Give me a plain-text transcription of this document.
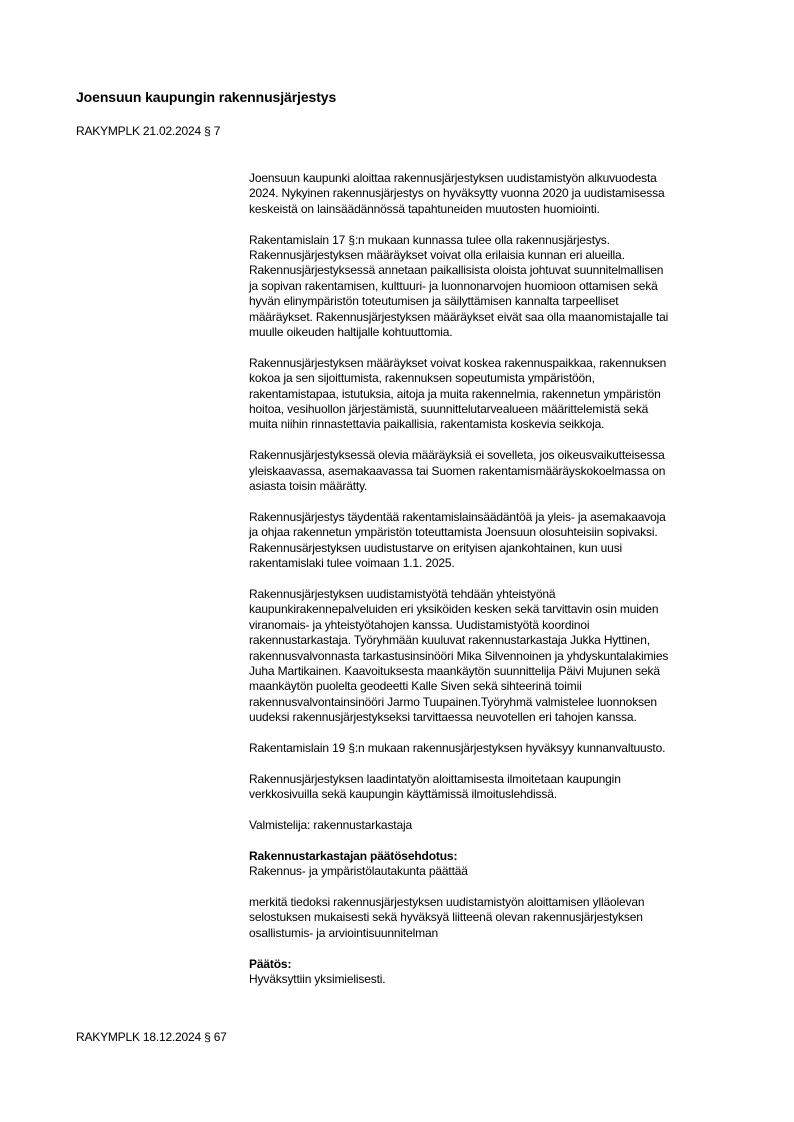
Joensuun kaupungin rakennusjärjestys
RAKYMPLK 21.02.2024 § 7
Joensuun kaupunki aloittaa rakennusjärjestyksen uudistamistyön alkuvuodesta
2024. Nykyinen rakennusjärjestys on hyväksytty vuonna 2020 ja uudistamisessa
keskeistä on lainsäädännössä tapahtuneiden muutosten huomiointi.
Rakentamislain 17 §:n mukaan kunnassa tulee olla rakennusjärjestys.
Rakennusjärjestyksen määräykset voivat olla erilaisia kunnan eri alueilla.
Rakennusjärjestyksessä annetaan paikallisista oloista johtuvat suunnitelmallisen
ja sopivan rakentamisen, kulttuuri- ja luonnonarvojen huomioon ottamisen sekä
hyvän elinympäristön toteutumisen ja säilyttämisen kannalta tarpeelliset
määräykset. Rakennusjärjestyksen määräykset eivät saa olla maanomistajalle tai
muulle oikeuden haltijalle kohtuuttomia.
Rakennusjärjestyksen määräykset voivat koskea rakennuspaikkaa, rakennuksen
kokoa ja sen sijoittumista, rakennuksen sopeutumista ympäristöön,
rakentamistapaa, istutuksia, aitoja ja muita rakennelmia, rakennetun ympäristön
hoitoa, vesihuollon järjestämistä, suunnittelutarvealueen määrittelemistä sekä
muita niihin rinnastettavia paikallisia, rakentamista koskevia seikkoja.
Rakennusjärjestyksessä olevia määräyksiä ei sovelleta, jos oikeusvaikutteisessa
yleiskaavassa, asemakaavassa tai Suomen rakentamismääräyskokoelmassa on
asiasta toisin määrätty.
Rakennusjärjestys täydentää rakentamislainsäädäntöä ja yleis- ja asemakaavoja
ja ohjaa rakennetun ympäristön toteuttamista Joensuun olosuhteisiin sopivaksi.
Rakennusärjestyksen uudistustarve on erityisen ajankohtainen, kun uusi
rakentamislaki tulee voimaan 1.1. 2025.
Rakennusjärjestyksen uudistamistyötä tehdään yhteistyönä
kaupunkirakennepalveluiden eri yksiköiden kesken sekä tarvittavin osin muiden
viranomais- ja yhteistyötahojen kanssa. Uudistamistyötä koordinoi
rakennustarkastaja. Työryhmään kuuluvat rakennustarkastaja Jukka Hyttinen,
rakennusvalvonnasta tarkastusinsinööri Mika Silvennoinen ja yhdyskuntalakimies
Juha Martikainen. Kaavoituksesta maankäytön suunnittelija Päivi Mujunen sekä
maankäytön puolelta geodeetti Kalle Siven sekä sihteerinä toimii
rakennusvalvontainsinööri Jarmo Tuupainen.Työryhmä valmistelee luonnoksen
uudeksi rakennusjärjestykseksi tarvittaessa neuvotellen eri tahojen kanssa.
Rakentamislain 19 §:n mukaan rakennusjärjestyksen hyväksyy kunnanvaltuusto.
Rakennusjärjestyksen laadintatyön aloittamisesta ilmoitetaan kaupungin
verkkosivuilla sekä kaupungin käyttämissä ilmoituslehdissä.
Valmistelija: rakennustarkastaja
Rakennustarkastajan päätösehdotus:
Rakennus- ja ympäristölautakunta päättää
merkitä tiedoksi rakennusjärjestyksen uudistamistyön aloittamisen ylläolevan
selostuksen mukaisesti sekä hyväksyä liitteenä olevan rakennusjärjestyksen
osallistumis- ja arviointisuunnitelman
Päätös:
Hyväksyttiin yksimielisesti.
RAKYMPLK 18.12.2024 § 67
